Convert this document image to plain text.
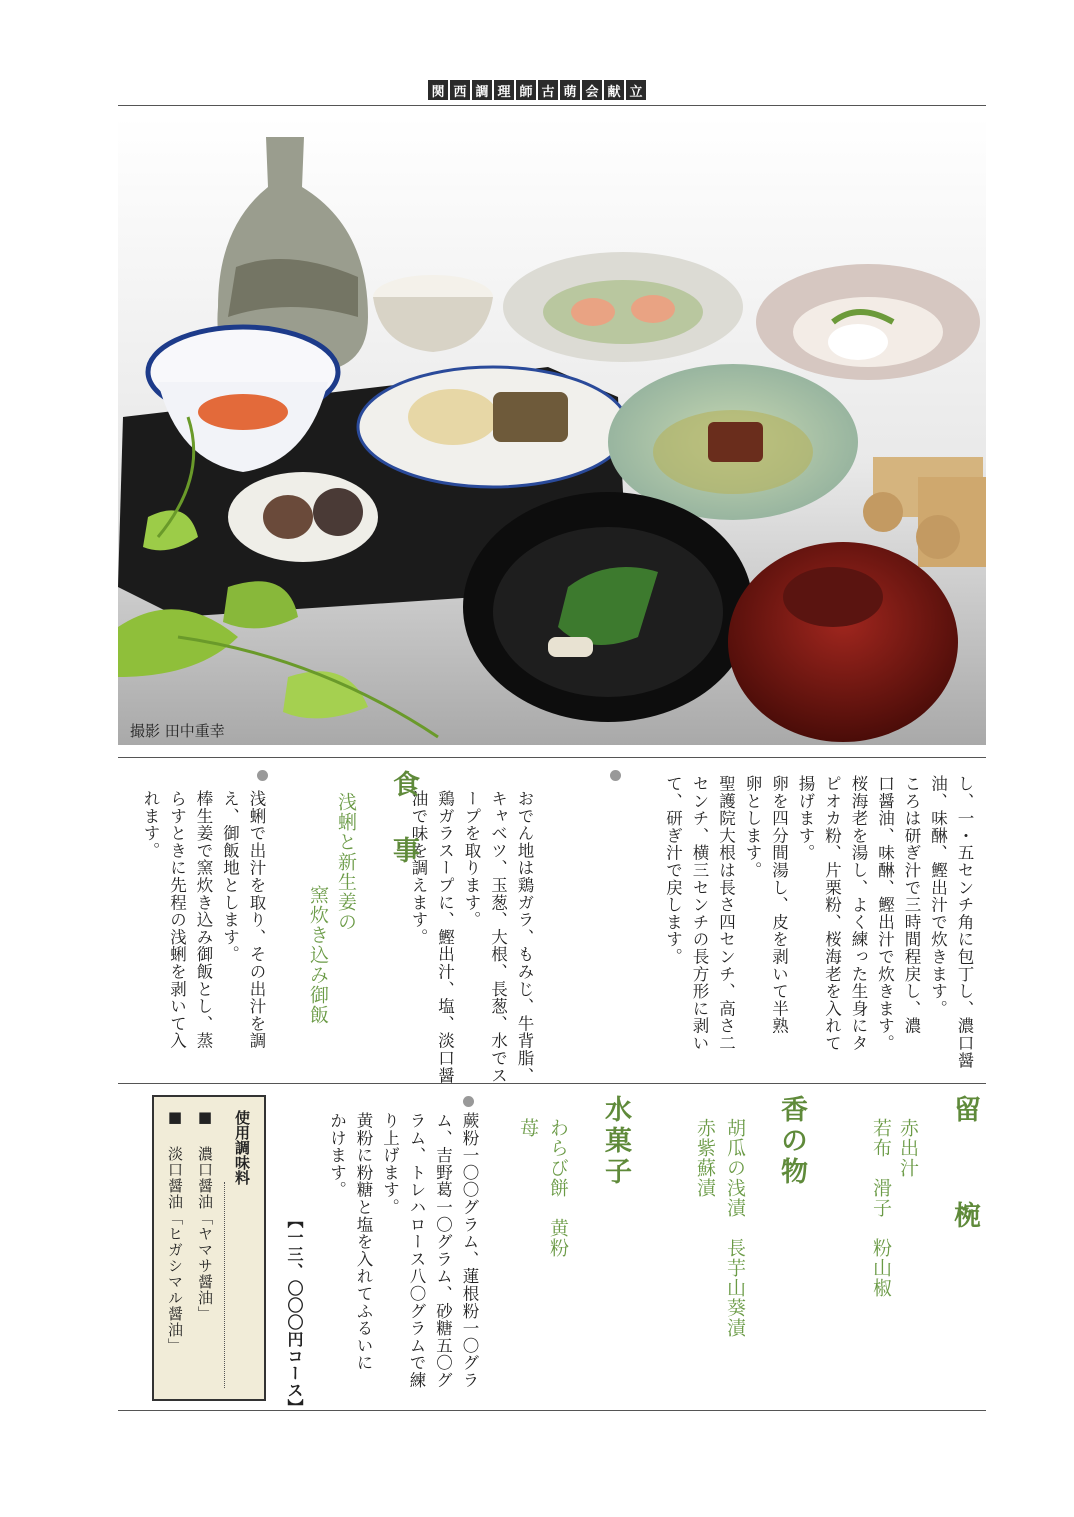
関 西 調 理 師 古 萌 会 献 立
撮影 田中重幸
し、一・五センチ角に包丁し、濃口醤
油、味醂、鰹出汁で炊きます。
ころは研ぎ汁で三時間程戻し、濃
口醤油、味醂、鰹出汁で炊きます。
桜海老を湯し、よく練った生身にタ
ピオカ粉、片栗粉、桜海老を入れて
揚げます。
卵を四分間湯し、皮を剥いて半熟
卵とします。
聖護院大根は長さ四センチ、高さ二
センチ、横三センチの長方形に剥い
て、研ぎ汁で戻します。
おでん地は鶏ガラ、もみじ、牛背脂、
キャベツ、玉葱、大根、長葱、水でス
ープを取ります。
鶏ガラスープに、鰹出汁、塩、淡口醤
油で味を調えます。
食　事
浅蜊と新生姜の
窯炊き込み御飯
浅蜊で出汁を取り、その出汁を調
え、御飯地とします。
棒生姜で窯炊き込み御飯とし、蒸
らすときに先程の浅蜊を剥いて入
れます。
留　椀
赤出汁
若布　滑子　粉山椒
香の物
胡瓜の浅漬　長芋山葵漬
赤紫蘇漬
水菓子
わらび餅　黄粉
苺
蕨粉一〇〇グラム、蓮根粉一〇グラ
ム、吉野葛一〇グラム、砂糖五〇グ
ラム、トレハロース八〇グラムで練
り上げます。
黄粉に粉糖と塩を入れてふるいに
かけます。
【一三、〇〇〇円コース】
使用調味料
■ 濃口醤油「ヤマサ醤油」
■ 淡口醤油「ヒガシマル醤油」
